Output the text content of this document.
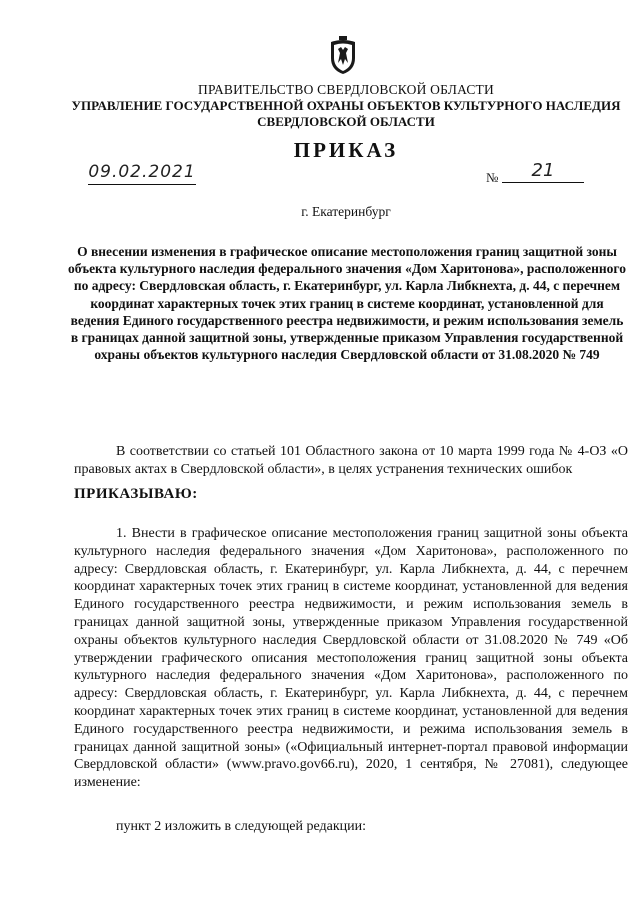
ПРАВИТЕЛЬСТВО СВЕРДЛОВСКОЙ ОБЛАСТИ

УПРАВЛЕНИЕ ГОСУДАРСТВЕННОЙ ОХРАНЫ ОБЪЕКТОВ КУЛЬТУРНОГО НАСЛЕДИЯ СВЕРДЛОВСКОЙ ОБЛАСТИ

ПРИКАЗ

09.02.2021	№	21

г. Екатеринбург

О внесении изменения в графическое описание местоположения границ защитной зоны объекта культурного наследия федерального значения «Дом Харитонова», расположенного по адресу: Свердловская область, г. Екатеринбург, ул. Карла Либкнехта, д. 44, с перечнем координат характерных точек этих границ в системе координат, установленной для ведения Единого государственного реестра недвижимости, и режим использования земель в границах данной защитной зоны, утвержденные приказом Управления государственной охраны объектов культурного наследия Свердловской области от 31.08.2020 № 749

В соответствии со статьей 101 Областного закона от 10 марта 1999 года № 4-ОЗ «О правовых актах в Свердловской области», в целях устранения технических ошибок

ПРИКАЗЫВАЮ:

1. Внести в графическое описание местоположения границ защитной зоны объекта культурного наследия федерального значения «Дом Харитонова», расположенного по адресу: Свердловская область, г. Екатеринбург, ул. Карла Либкнехта, д. 44, с перечнем координат характерных точек этих границ в системе координат, установленной для ведения Единого государственного реестра недвижимости, и режим использования земель в границах данной защитной зоны, утвержденные приказом Управления государственной охраны объектов культурного наследия Свердловской области от 31.08.2020 № 749 «Об утверждении графического описания местоположения границ защитной зоны объекта культурного наследия федерального значения «Дом Харитонова», расположенного по адресу: Свердловская область, г. Екатеринбург, ул. Карла Либкнехта, д. 44, с перечнем координат характерных точек этих границ в системе координат, установленной для ведения Единого государственного реестра недвижимости, и режима использования земель в границах данной защитной зоны» («Официальный интернет-портал правовой информации Свердловской области» (www.pravo.gov66.ru), 2020, 1 сентября, № 27081), следующее изменение:

пункт 2 изложить в следующей редакции:
